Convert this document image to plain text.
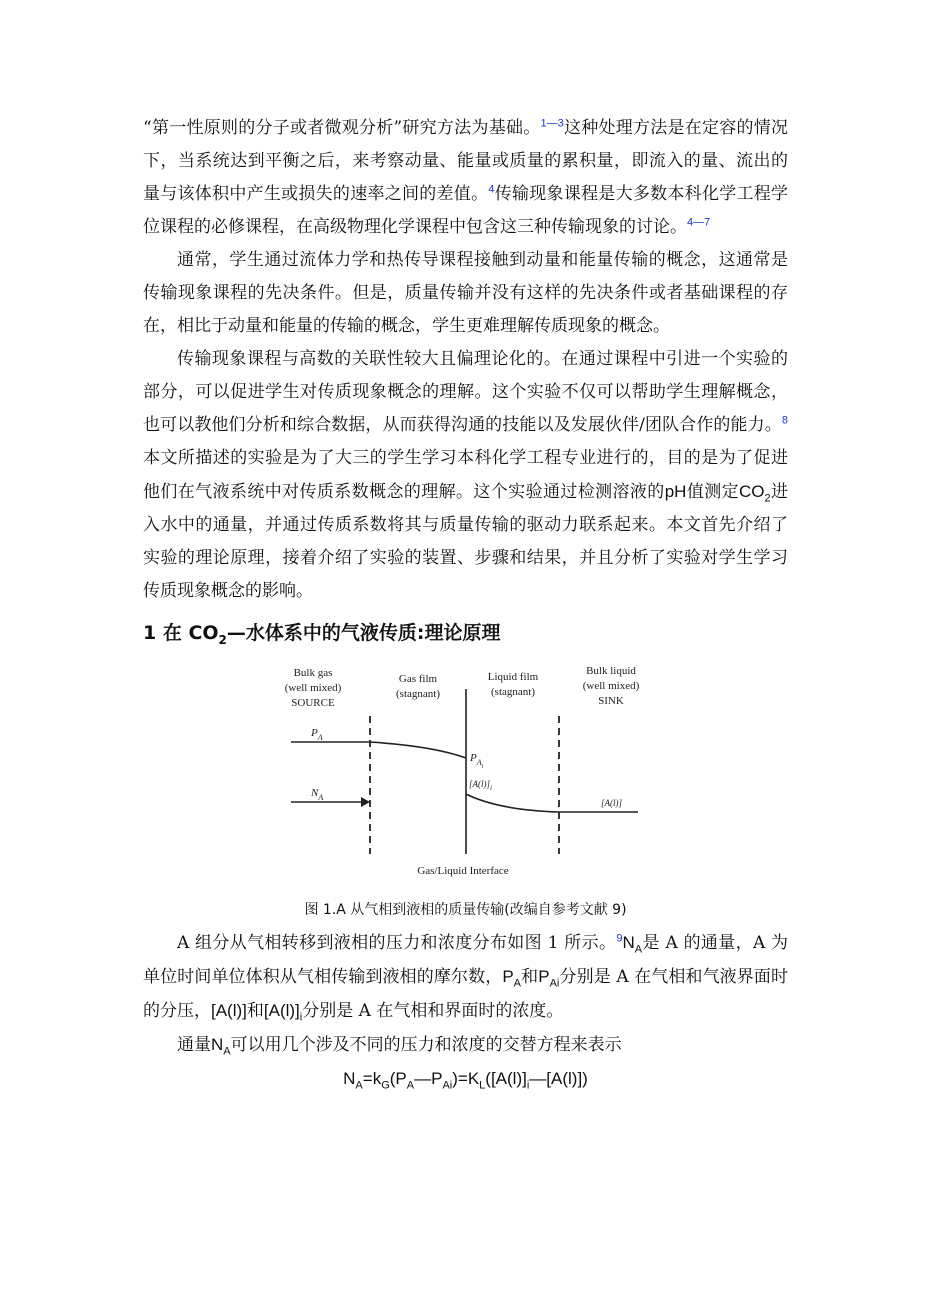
“第一性原则的分子或者微观分析”研究方法为基础。$^{1—3}$这种处理方法是在定容的情况下，当系统达到平衡之后，来考察动量、能量或质量的累积量，即流入的量、流出的量与该体积中产生或损失的速率之间的差值。$^4$传输现象课程是大多数本科化学工程学位课程的必修课程，在高级物理化学课程中包含这三种传输现象的讨论。$^{4—7}$

通常，学生通过流体力学和热传导课程接触到动量和能量传输的概念，这通常是传输现象课程的先决条件。但是，质量传输并没有这样的先决条件或者基础课程的存在，相比于动量和能量的传输的概念，学生更难理解传质现象的概念。

传输现象课程与高数的关联性较大且偏理论化的。在通过课程中引进一个实验的部分，可以促进学生对传质现象概念的理解。这个实验不仅可以帮助学生理解概念，也可以教他们分析和综合数据，从而获得沟通的技能以及发展伙伴/团队合作的能力。$^8$本文所描述的实验是为了大三的学生学习本科化学工程专业进行的，目的是为了促进他们在气液系统中对传质系数概念的理解。这个实验通过检测溶液的pH值测定$CO_2$进入水中的通量，并通过传质系数将其与质量传输的驱动力联系起来。本文首先介绍了实验的理论原理，接着介绍了实验的装置、步骤和结果，并且分析了实验对学生学习传质现象概念的影响。

1 在 $CO_2—$水体系中的气液传质:理论原理
Bulk gas
(well mixed)
SOURCE
Gas film
(stagnant)
Liquid film
(stagnant)
Bulk liquid
(well mixed)
SINK
$P_A$
$P_{Ai}$
$N_A$
$[A(l)]_i$
[A(l)]
Gas/Liquid Interface
图 1.A 从气相到液相的质量传输(改编自参考文献 9)

A 组分从气相转移到液相的压力和浓度分布如图 1 所示。$^9N_A$是 A 的通量，A 为单位时间单位体积从气相传输到液相的摩尔数，$P_A$和$P_{Ai}$分别是 A 在气相和气液界面时的分压，[A(l)]和$[A(l)]_i$分别是 A 在气相和界面时的浓度。

通量$N_A$可以用几个涉及不同的压力和浓度的交替方程来表示

$N_A=k_G(P_A—P_{Ai})=K_L([A(l)]_i—[A(l)])$
